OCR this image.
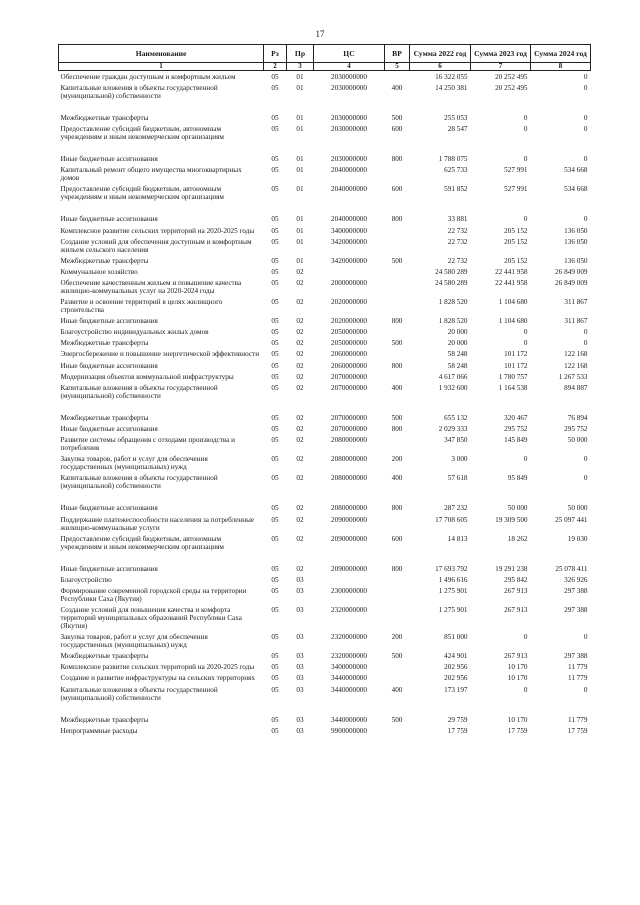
17
Наименование	Рз	Пр	ЦС	ВР	Сумма 2022 год	Сумма 2023 год	Сумма 2024 год
1	2	3	4	5	6	7	8
Обеспечение граждан доступным и комфортным жильем	05	01	2030000000		16 322 055	20 252 495	0
Капитальные вложения в объекты государственной (муниципальной) собственности	05	01	2030000000	400	14 250 381	20 252 495	0

Межбюджетные трансферты	05	01	2030000000	500	255 053	0	0
Предоставление субсидий бюджетным, автономным учреждениям и иным некоммерческим организациям	05	01	2030000000	600	28 547	0	0

Иные бюджетные ассигнования	05	01	2030000000	800	1 788 075	0	0
Капитальный ремонт общего имущества многоквартирных домов	05	01	2040000000		625 733	527 991	534 668
Предоставление субсидий бюджетным, автономным учреждениям и иным некоммерческим организациям	05	01	2040000000	600	591 852	527 991	534 668

Иные бюджетные ассигнования	05	01	2040000000	800	33 881	0	0
Комплексное развитие сельских территорий на 2020-2025 годы	05	01	3400000000		22 732	205 152	136 050
Создание условий для обеспечения доступным и комфортным жильем сельского населения	05	01	3420000000		22 732	205 152	136 050
Межбюджетные трансферты	05	01	3420000000	500	22 732	205 152	136 050
Коммунальное хозяйство	05	02			24 580 289	22 441 958	26 849 009
Обеспечение качественным жильем и повышение качества жилищно-коммунальных услуг на 2020-2024 годы	05	02	2000000000		24 580 289	22 441 958	26 849 009
Развитие и освоение территорий в целях жилищного строительства	05	02	2020000000		1 828 520	1 104 680	311 867
Иные бюджетные ассигнования	05	02	2020000000	800	1 828 520	1 104 680	311 867
Благоустройство индивидуальных жилых домов	05	02	2050000000		20 000	0	0
Межбюджетные трансферты	05	02	2050000000	500	20 000	0	0
Энергосбережение и повышение энергетической эффективности	05	02	2060000000		58 248	101 172	122 168
Иные бюджетные ассигнования	05	02	2060000000	800	58 248	101 172	122 168
Модернизация объектов коммунальной инфраструктуры	05	02	2070000000		4 617 066	1 780 757	1 267 533
Капитальные вложения в объекты государственной (муниципальной) собственности	05	02	2070000000	400	1 932 600	1 164 538	894 887

Межбюджетные трансферты	05	02	2070000000	500	655 132	320 467	76 894
Иные бюджетные ассигнования	05	02	2070000000	800	2 029 333	295 752	295 752
Развитие системы обращения с отходами производства и потребления	05	02	2080000000		347 850	145 849	50 000
Закупка товаров, работ и услуг для обеспечения государственных (муниципальных) нужд	05	02	2080000000	200	3 000	0	0
Капитальные вложения в объекты государственной (муниципальной) собственности	05	02	2080000000	400	57 618	95 849	0

Иные бюджетные ассигнования	05	02	2080000000	800	287 232	50 000	50 000
Поддержание платежеспособности населения за потребленные жилищно-коммунальные услуги	05	02	2090000000		17 708 605	19 309 500	25 097 441
Предоставление субсидий бюджетным, автономным учреждениям и иным некоммерческим организациям	05	02	2090000000	600	14 813	18 262	19 030

Иные бюджетные ассигнования	05	02	2090000000	800	17 693 792	19 291 238	25 078 411
Благоустройство	05	03			1 496 616	295 842	326 926
Формирование современной городской среды на территории Республики Саха (Якутия)	05	03	2300000000		1 275 901	267 913	297 388
Создание условий для повышения качества и комфорта территорий муниципальных образований Республики Саха (Якутия)	05	03	2320000000		1 275 901	267 913	297 388
Закупка товаров, работ и услуг для обеспечения государственных (муниципальных) нужд	05	03	2320000000	200	851 000	0	0
Межбюджетные трансферты	05	03	2320000000	500	424 901	267 913	297 388
Комплексное развитие сельских территорий на 2020-2025 годы	05	03	3400000000		202 956	10 170	11 779
Создание и развитие инфраструктуры на сельских территориях	05	03	3440000000		202 956	10 170	11 779
Капитальные вложения в объекты государственной (муниципальной) собственности	05	03	3440000000	400	173 197	0	0

Межбюджетные трансферты	05	03	3440000000	500	29 759	10 170	11 779
Непрограммные расходы	05	03	9900000000		17 759	17 759	17 759
